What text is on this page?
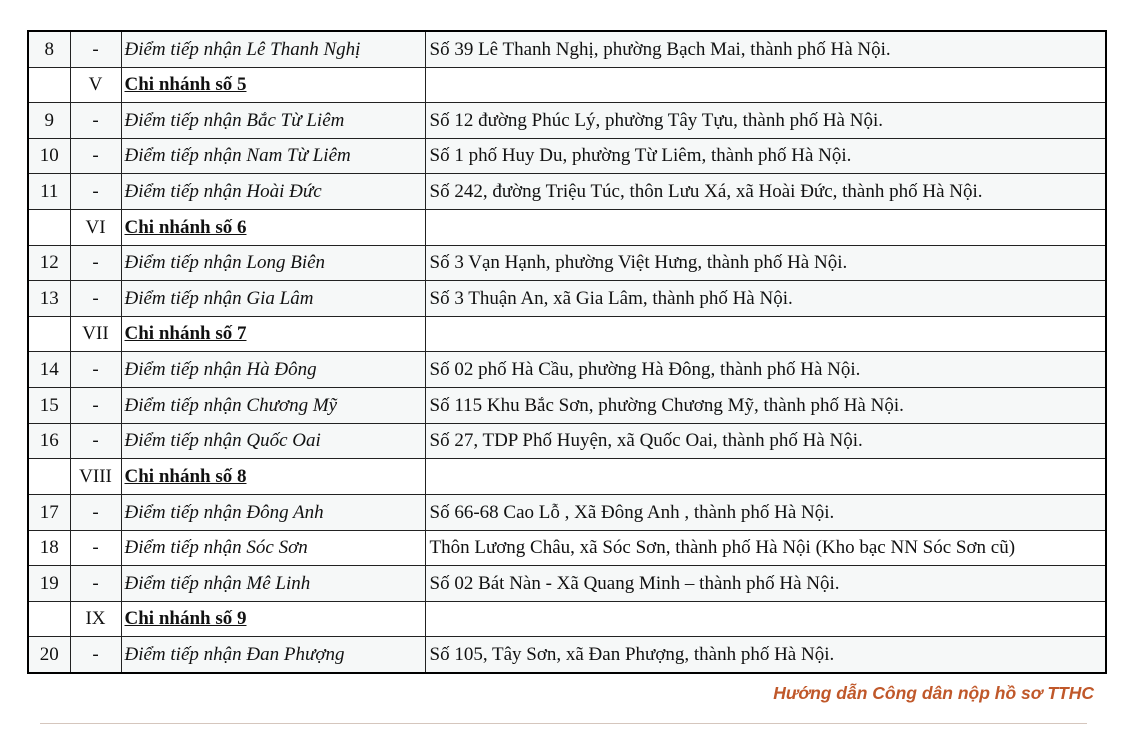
8	-	Điểm tiếp nhận Lê Thanh Nghị	Số 39 Lê Thanh Nghị, phường Bạch Mai, thành phố Hà Nội.
	V	Chi nhánh số 5	
9	-	Điểm tiếp nhận Bắc Từ Liêm	Số 12 đường Phúc Lý, phường Tây Tựu, thành phố Hà Nội.
10	-	Điểm tiếp nhận Nam Từ Liêm	Số 1 phố Huy Du, phường Từ Liêm, thành phố Hà Nội.
11	-	Điểm tiếp nhận Hoài Đức	Số 242, đường Triệu Túc, thôn Lưu Xá, xã Hoài Đức, thành phố Hà Nội.
	VI	Chi nhánh số 6	
12	-	Điểm tiếp nhận Long Biên	Số 3 Vạn Hạnh, phường Việt Hưng, thành phố Hà Nội.
13	-	Điểm tiếp nhận Gia Lâm	Số 3 Thuận An, xã Gia Lâm, thành phố Hà Nội.
	VII	Chi nhánh số 7	
14	-	Điểm tiếp nhận Hà Đông	Số 02 phố Hà Cầu, phường Hà Đông, thành phố Hà Nội.
15	-	Điểm tiếp nhận Chương Mỹ	Số 115 Khu Bắc Sơn, phường Chương Mỹ, thành phố Hà Nội.
16	-	Điểm tiếp nhận Quốc Oai	Số 27, TDP Phố Huyện, xã Quốc Oai, thành phố Hà Nội.
	VIII	Chi nhánh số 8	
17	-	Điểm tiếp nhận Đông Anh	Số 66-68 Cao Lỗ , Xã Đông Anh , thành phố Hà Nội.
18	-	Điểm tiếp nhận Sóc Sơn	Thôn Lương Châu, xã Sóc Sơn, thành phố Hà Nội (Kho bạc NN Sóc Sơn cũ)
19	-	Điểm tiếp nhận Mê Linh	Số 02 Bát Nàn - Xã Quang Minh – thành phố Hà Nội.
	IX	Chi nhánh số 9	
20	-	Điểm tiếp nhận Đan Phượng	Số 105, Tây Sơn, xã Đan Phượng, thành phố Hà Nội.
Hướng dẫn Công dân nộp hồ sơ TTHC
